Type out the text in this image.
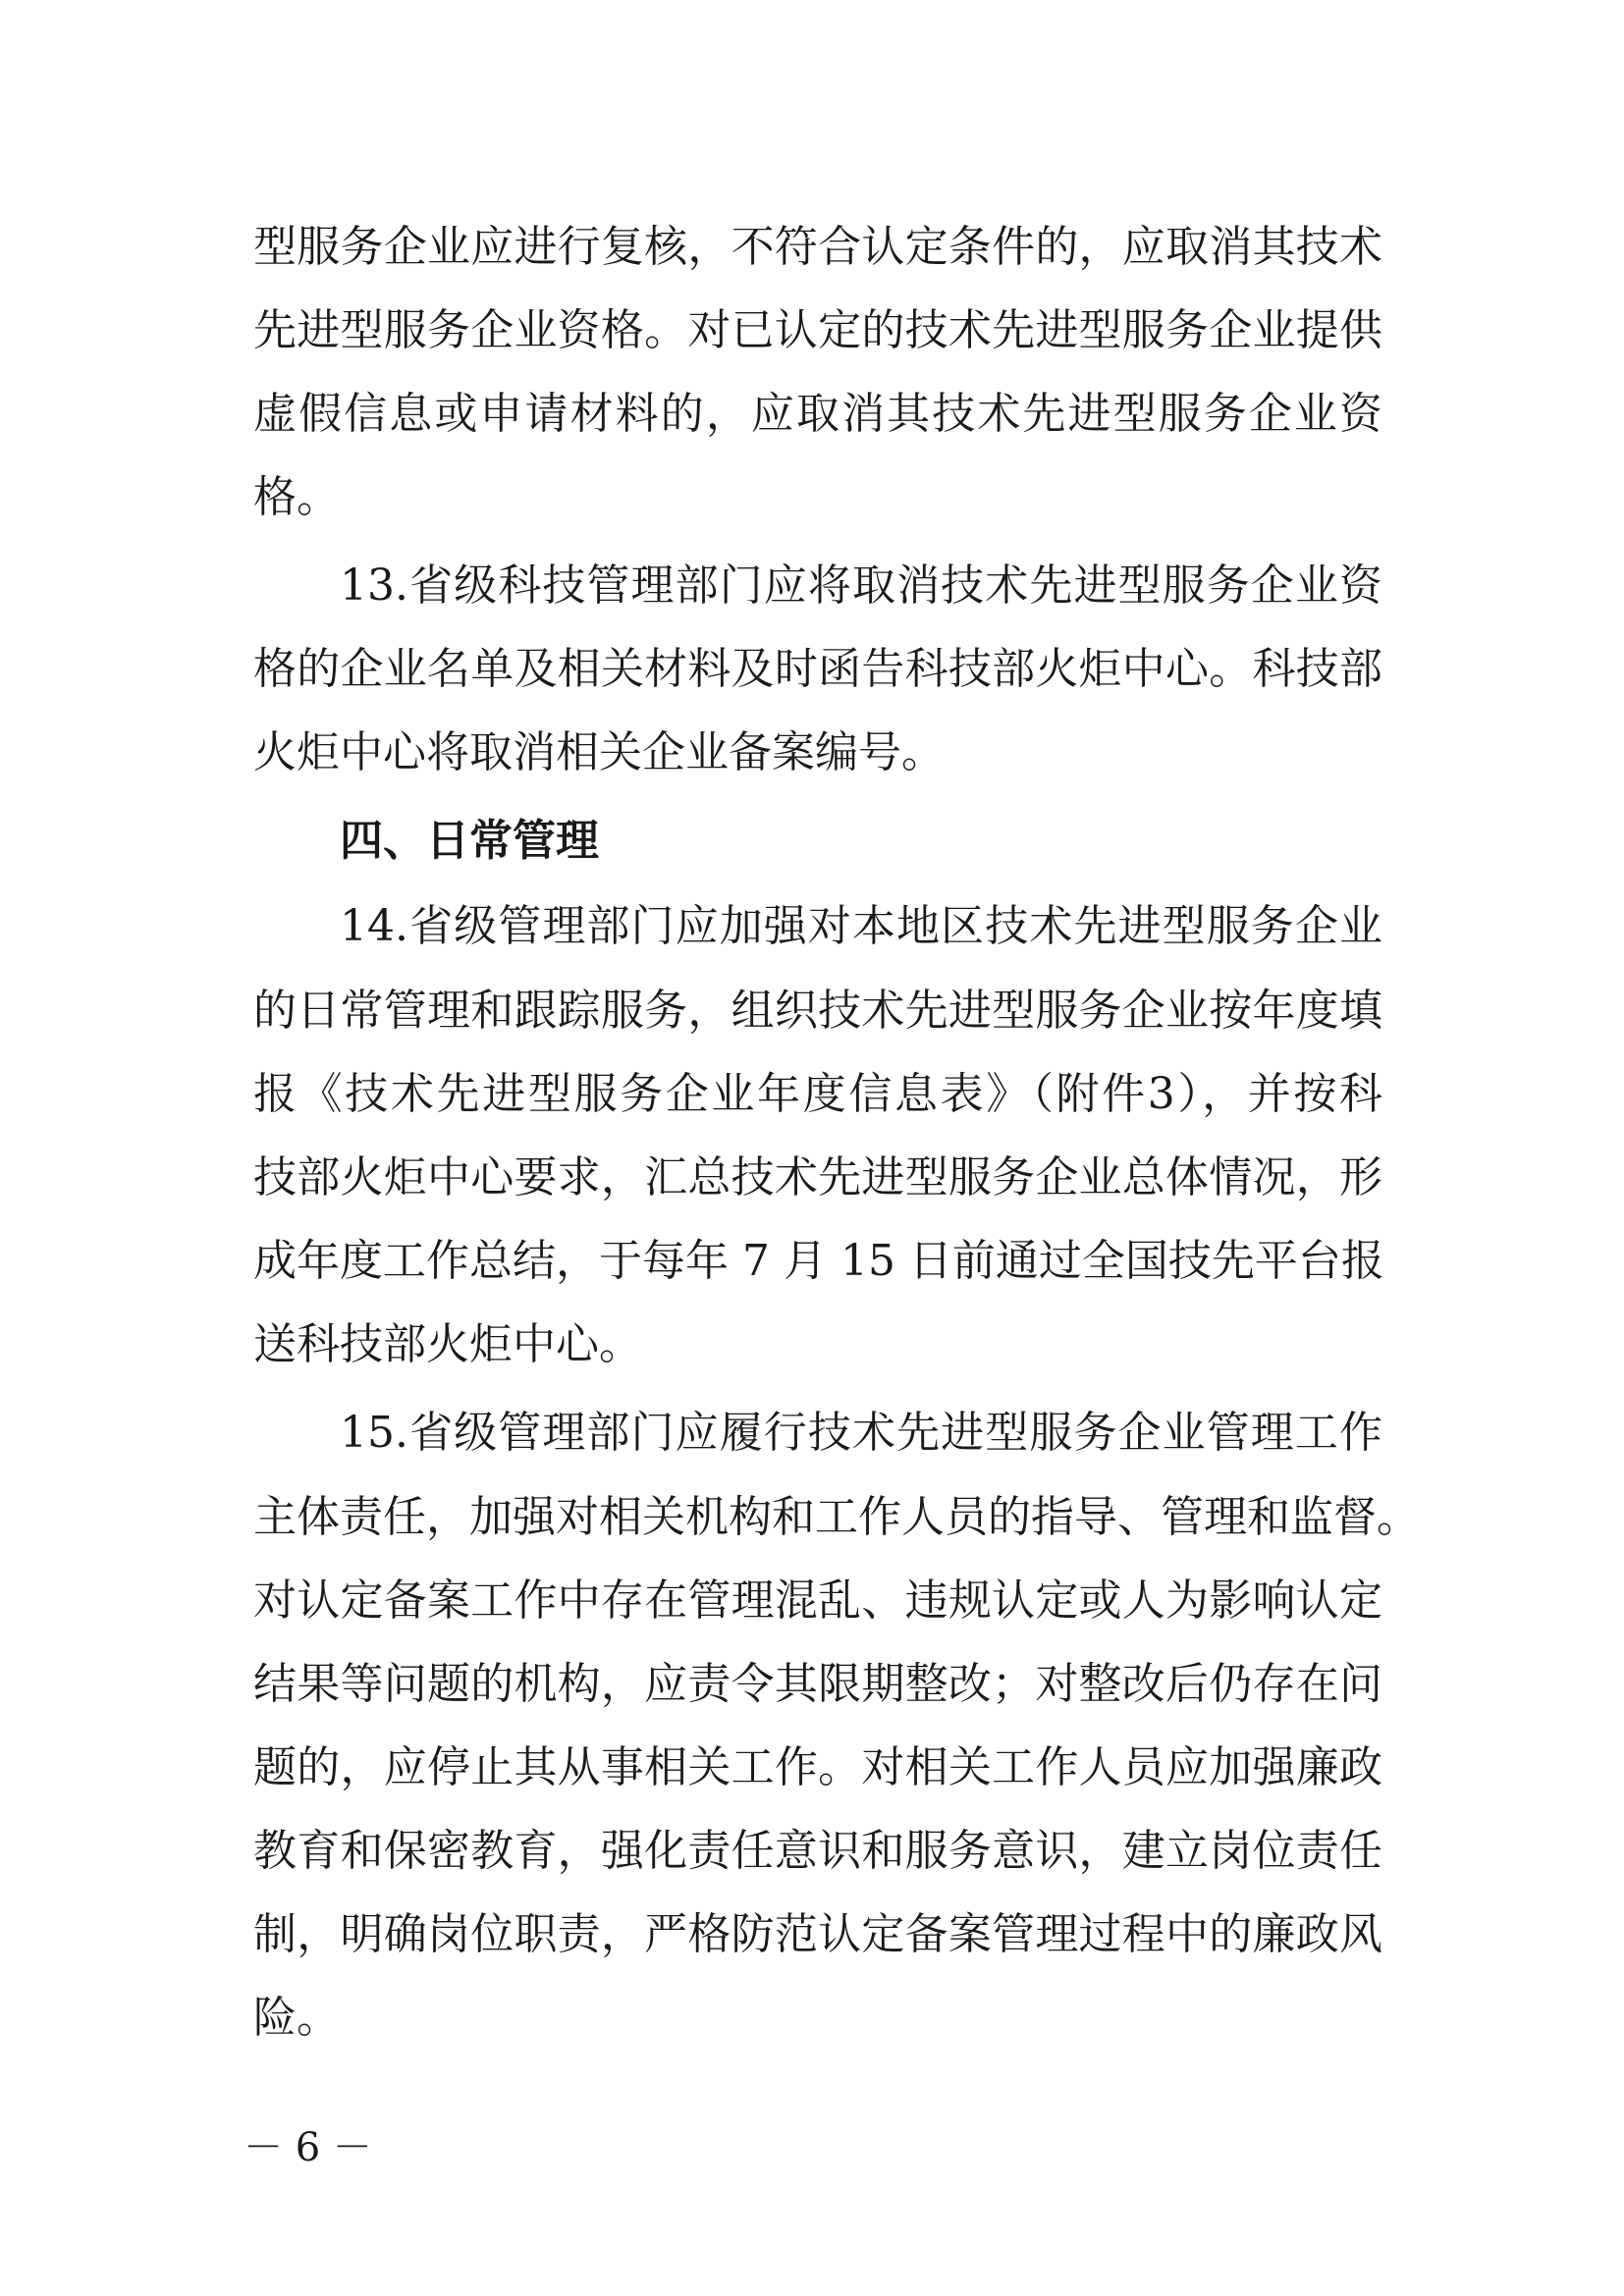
型服务企业应进行复核，不符合认定条件的，应取消其技术
先进型服务企业资格。对已认定的技术先进型服务企业提供
虚假信息或申请材料的，应取消其技术先进型服务企业资
格。
13.省级科技管理部门应将取消技术先进型服务企业资
格的企业名单及相关材料及时函告科技部火炬中心。科技部
火炬中心将取消相关企业备案编号。
四、日常管理
14.省级管理部门应加强对本地区技术先进型服务企业
的日常管理和跟踪服务，组织技术先进型服务企业按年度填
报《技术先进型服务企业年度信息表》（附件3），并按科
技部火炬中心要求，汇总技术先进型服务企业总体情况，形
成年度工作总结，于每年 7 月 15 日前通过全国技先平台报
送科技部火炬中心。
15.省级管理部门应履行技术先进型服务企业管理工作
主体责任，加强对相关机构和工作人员的指导、管理和监督。
对认定备案工作中存在管理混乱、违规认定或人为影响认定
结果等问题的机构，应责令其限期整改；对整改后仍存在问
题的，应停止其从事相关工作。对相关工作人员应加强廉政
教育和保密教育，强化责任意识和服务意识，建立岗位责任
制，明确岗位职责，严格防范认定备案管理过程中的廉政风
险。
－ 6 －
